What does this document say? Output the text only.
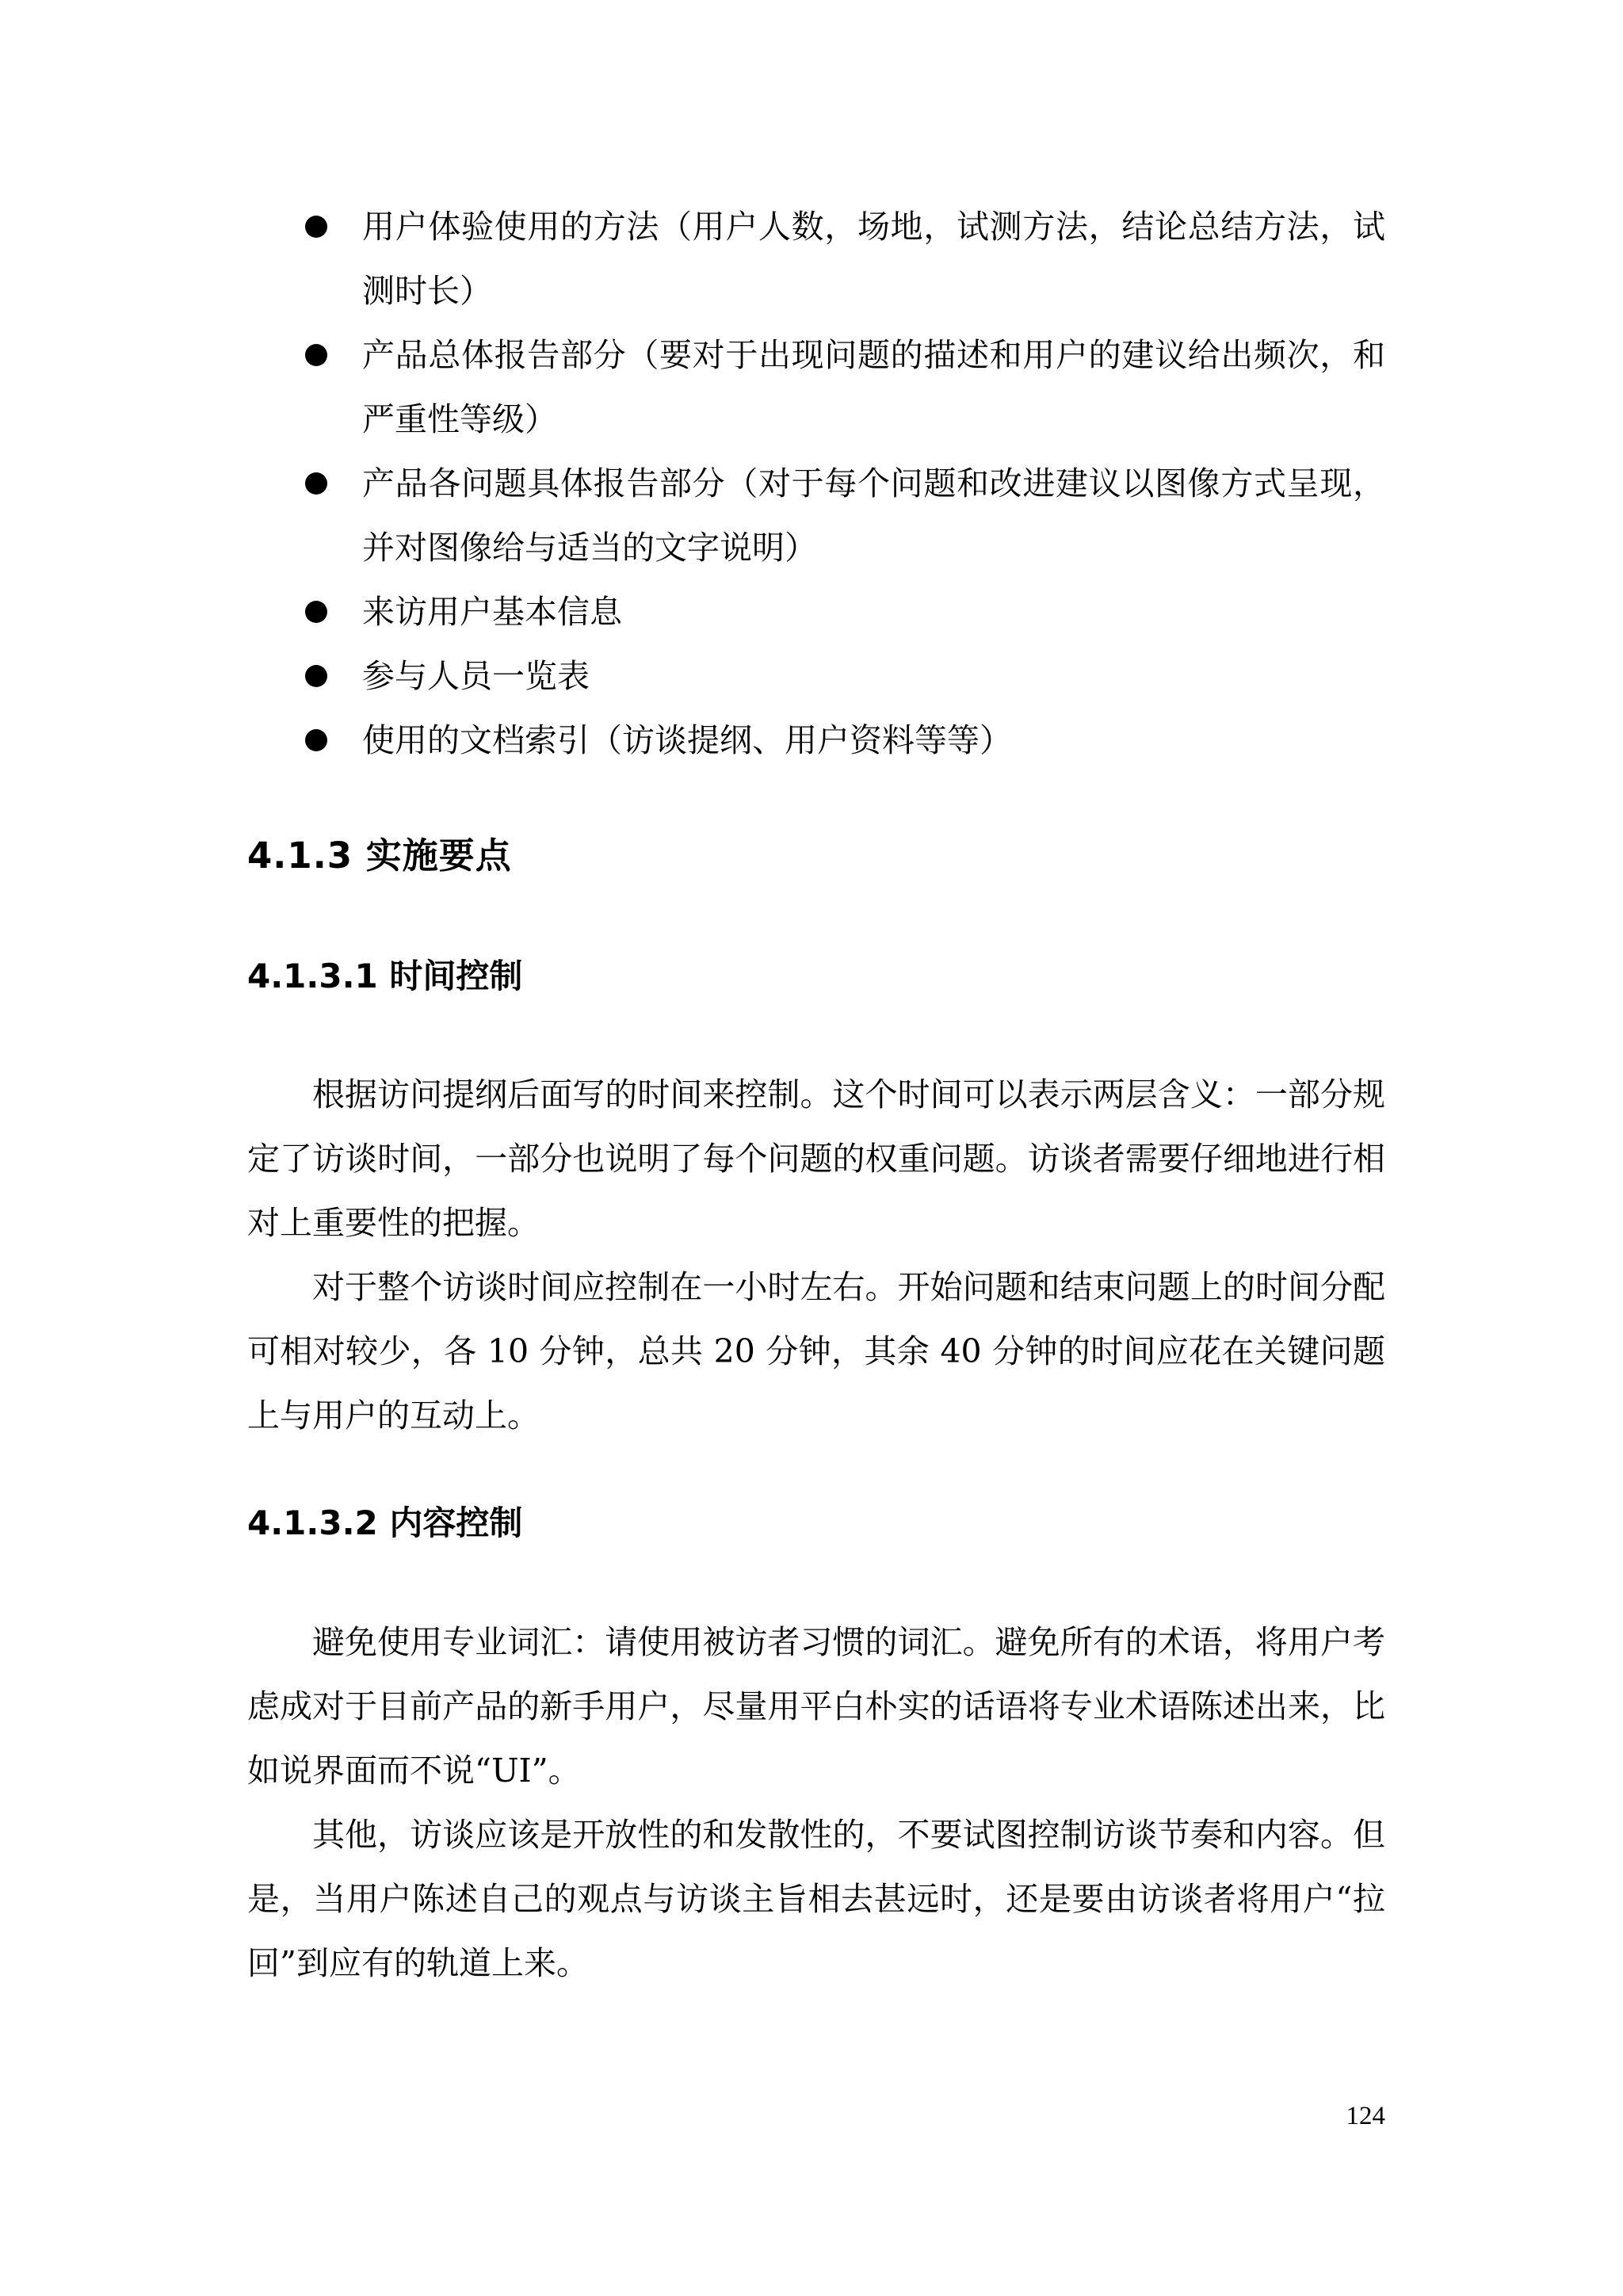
用户体验使用的方法（用户人数，场地，试测方法，结论总结方法，试测时长）
产品总体报告部分（要对于出现问题的描述和用户的建议给出频次，和严重性等级）
产品各问题具体报告部分（对于每个问题和改进建议以图像方式呈现，并对图像给与适当的文字说明）
来访用户基本信息
参与人员一览表
使用的文档索引（访谈提纲、用户资料等等）
4.1.3 实施要点
4.1.3.1 时间控制

根据访问提纲后面写的时间来控制。这个时间可以表示两层含义：一部分规定了访谈时间，一部分也说明了每个问题的权重问题。访谈者需要仔细地进行相对上重要性的把握。

对于整个访谈时间应控制在一小时左右。开始问题和结束问题上的时间分配可相对较少，各 10 分钟，总共 20 分钟，其余 40 分钟的时间应花在关键问题上与用户的互动上。

4.1.3.2 内容控制

避免使用专业词汇：请使用被访者习惯的词汇。避免所有的术语，将用户考虑成对于目前产品的新手用户，尽量用平白朴实的话语将专业术语陈述出来，比如说界面而不说“UI”。

其他，访谈应该是开放性的和发散性的，不要试图控制访谈节奏和内容。但是，当用户陈述自己的观点与访谈主旨相去甚远时，还是要由访谈者将用户“拉回”到应有的轨道上来。

124
